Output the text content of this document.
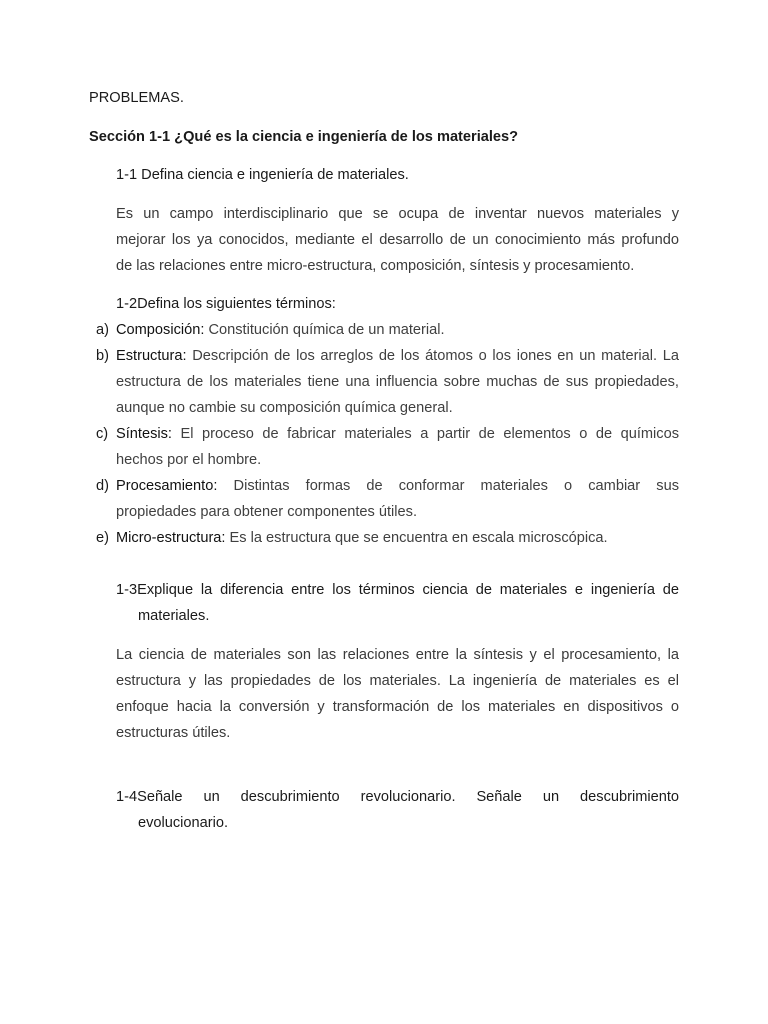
PROBLEMAS.
Sección 1-1 ¿Qué es la ciencia e ingeniería de los materiales?
1-1 Defina ciencia e ingeniería de materiales.
Es un campo interdisciplinario que se ocupa de inventar nuevos materiales y
mejorar los ya conocidos, mediante el desarrollo de un conocimiento más profundo
de las relaciones entre micro-estructura, composición, síntesis y procesamiento.
1-2Defina los siguientes términos:
a) Composición: Constitución química de un material.
b) Estructura: Descripción de los arreglos de los átomos o los iones en un material. La
estructura de los materiales tiene una influencia sobre muchas de sus propiedades,
aunque no cambie su composición química general.
c) Síntesis: El proceso de fabricar materiales a partir de elementos o de químicos
hechos por el hombre.
d) Procesamiento: Distintas formas de conformar materiales o cambiar sus
propiedades para obtener componentes útiles.
e) Micro-estructura: Es la estructura que se encuentra en escala microscópica.
1-3Explique la diferencia entre los términos ciencia de materiales e ingeniería de
materiales.
La ciencia de materiales son las relaciones entre la síntesis y el procesamiento, la
estructura y las propiedades de los materiales. La ingeniería de materiales es el
enfoque hacia la conversión y transformación de los materiales en dispositivos o
estructuras útiles.
1-4Señale un descubrimiento revolucionario. Señale un descubrimiento
evolucionario.
